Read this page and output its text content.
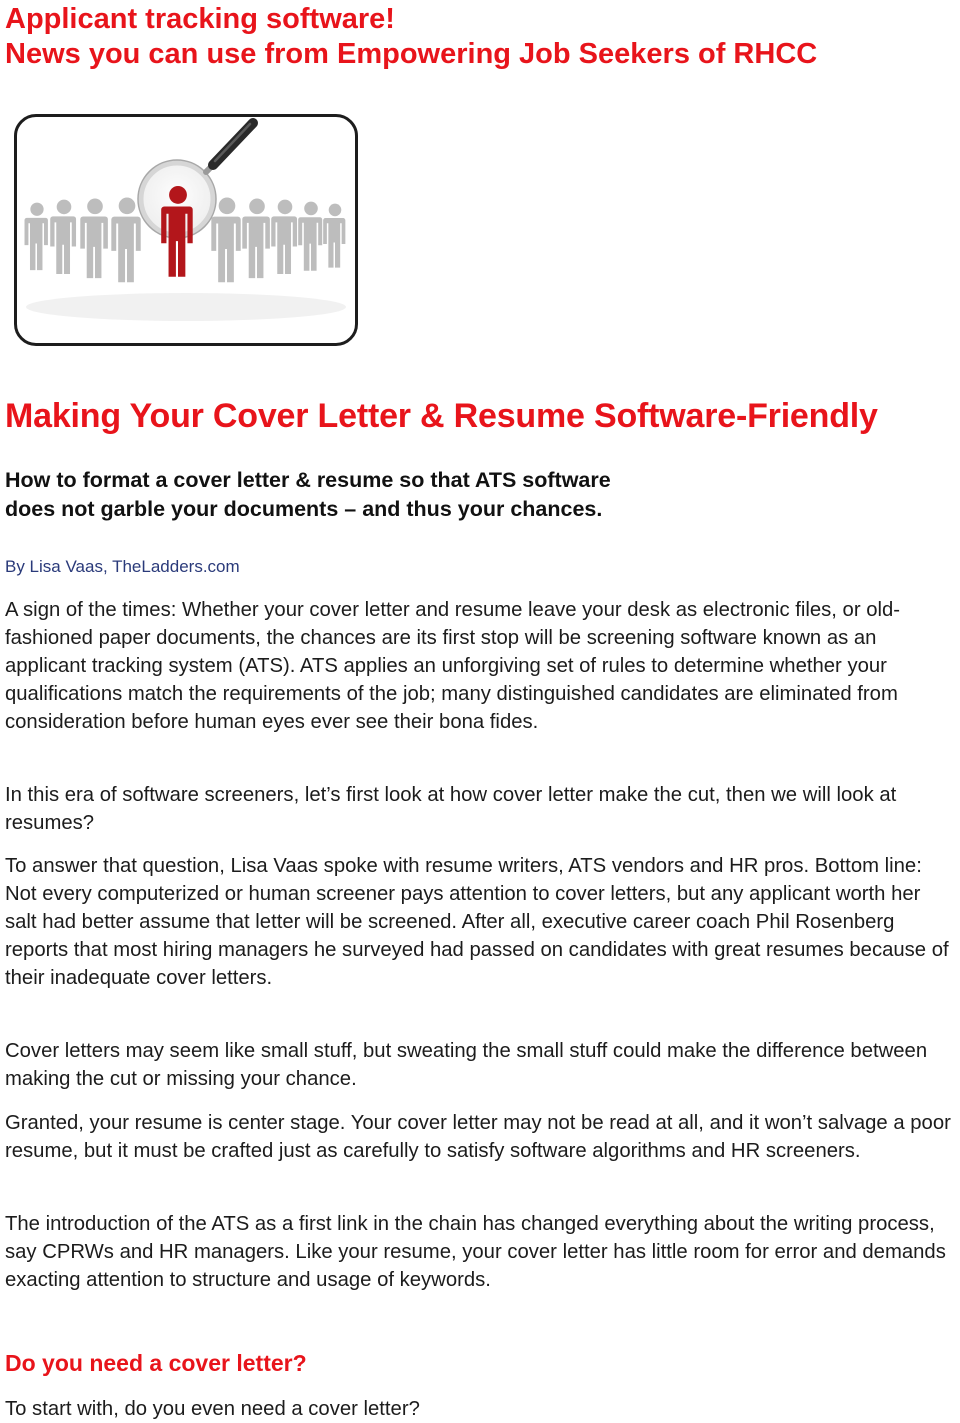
Applicant tracking software!
News you can use from Empowering Job Seekers of RHCC
Making Your Cover Letter & Resume Software-Friendly
How to format a cover letter & resume so that ATS software
does not garble your documents – and thus your chances.
By Lisa Vaas, TheLadders.com

A sign of the times: Whether your cover letter and resume leave your desk as electronic files, or old-fashioned paper documents, the chances are its first stop will be screening software known as an applicant tracking system (ATS). ATS applies an unforgiving set of rules to determine whether your qualifications match the requirements of the job; many distinguished candidates are eliminated from consideration before human eyes ever see their bona fides.

In this era of software screeners, let’s first look at how cover letter make the cut, then we will look at resumes?

To answer that question, Lisa Vaas spoke with resume writers, ATS vendors and HR pros. Bottom line: Not every computerized or human screener pays attention to cover letters, but any applicant worth her salt had better assume that letter will be screened. After all, executive career coach Phil Rosenberg reports that most hiring managers he surveyed had passed on candidates with great resumes because of their inadequate cover letters.

Cover letters may seem like small stuff, but sweating the small stuff could make the difference between making the cut or missing your chance.

Granted, your resume is center stage. Your cover letter may not be read at all, and it won’t salvage a poor resume, but it must be crafted just as carefully to satisfy software algorithms and HR screeners.

The introduction of the ATS as a first link in the chain has changed everything about the writing process, say CPRWs and HR managers. Like your resume, your cover letter has little room for error and demands exacting attention to structure and usage of keywords.

Do you need a cover letter?

To start with, do you even need a cover letter?
